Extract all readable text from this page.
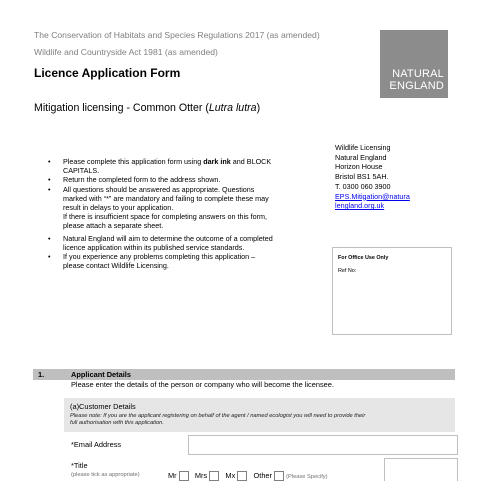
The Conservation of Habitats and Species Regulations 2017 (as amended)
Wildlife and Countryside Act 1981 (as amended)
Licence Application Form
Mitigation licensing - Common Otter (Lutra lutra)
NATURAL
ENGLAND
Wildlife Licensing
Natural England
Horizon House
Bristol BS1 5AH.
T. 0300 060 3900
EPS.Mitigation@natura
lengland.org.uk
For Office Use Only
Ref No:
• Please complete this application form using dark ink and BLOCK
CAPITALS.
• Return the completed form to the address shown.
• All questions should be answered as appropriate. Questions
marked with “*” are mandatory and failing to complete these may
result in delays to your application.
If there is insufficient space for completing answers on this form,
please attach a separate sheet.
• Natural England will aim to determine the outcome of a completed
licence application within its published service standards.
• If you experience any problems completing this application –
please contact Wildlife Licensing.
1.	Applicant Details
Please enter the details of the person or company who will become the licensee.
(a)Customer Details
Please note: If you are the applicant registering on behalf of the agent / named ecologist you will need to provide their
full authorisation with this application.
*Email Address
*Title
(please tick as appropriate)	Mr Mrs Mx Other (Please Specify)
